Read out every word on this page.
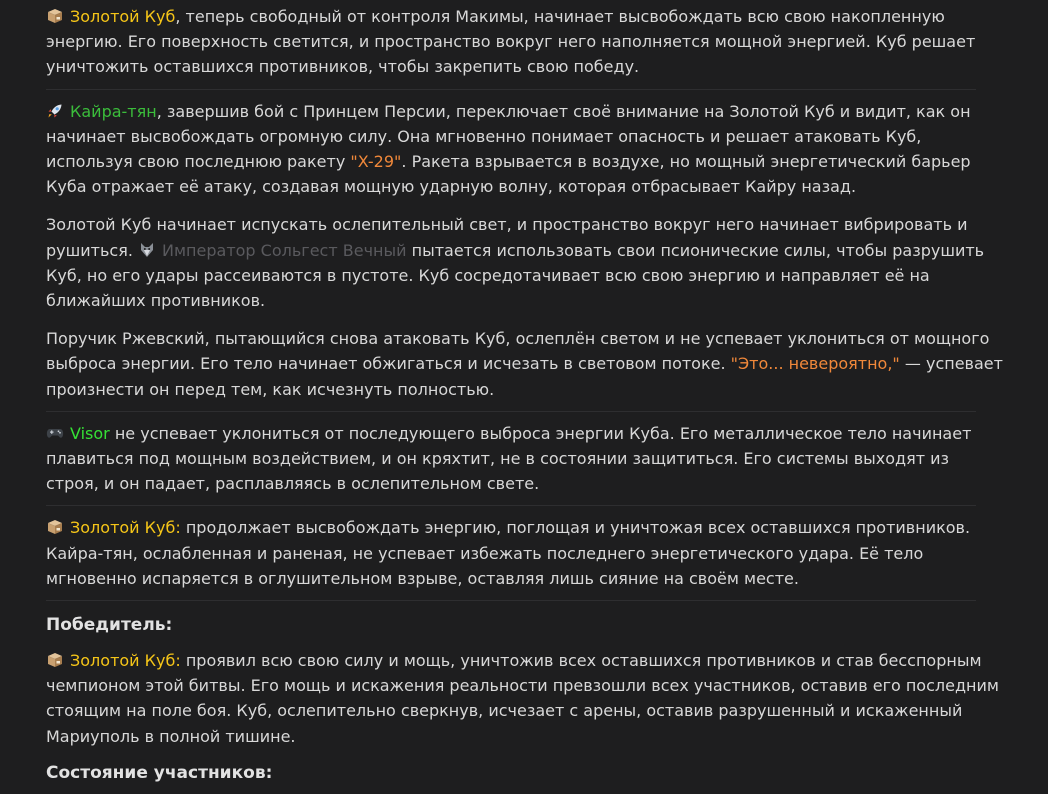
Золотой Куб, теперь свободный от контроля Макимы, начинает высвобождать всю свою накопленную энергию. Его поверхность светится, и пространство вокруг него наполняется мощной энергией. Куб решает уничтожить оставшихся противников, чтобы закрепить свою победу.

Кайра-тян, завершив бой с Принцем Персии, переключает своё внимание на Золотой Куб и видит, как он начинает высвобождать огромную силу. Она мгновенно понимает опасность и решает атаковать Куб, используя свою последнюю ракету "X-29". Ракета взрывается в воздухе, но мощный энергетический барьер Куба отражает её атаку, создавая мощную ударную волну, которая отбрасывает Кайру назад.

Золотой Куб начинает испускать ослепительный свет, и пространство вокруг него начинает вибрировать и рушиться. Император Сольгест Вечный пытается использовать свои псионические силы, чтобы разрушить Куб, но его удары рассеиваются в пустоте. Куб сосредотачивает всю свою энергию и направляет её на ближайших противников.

Поручик Ржевский, пытающийся снова атаковать Куб, ослеплён светом и не успевает уклониться от мощного выброса энергии. Его тело начинает обжигаться и исчезать в световом потоке. "Это... невероятно," — успевает произнести он перед тем, как исчезнуть полностью.

Visor не успевает уклониться от последующего выброса энергии Куба. Его металлическое тело начинает плавиться под мощным воздействием, и он кряхтит, не в состоянии защититься. Его системы выходят из строя, и он падает, расплавляясь в ослепительном свете.

Золотой Куб: продолжает высвобождать энергию, поглощая и уничтожая всех оставшихся противников. Кайра-тян, ослабленная и раненая, не успевает избежать последнего энергетического удара. Её тело мгновенно испаряется в оглушительном взрыве, оставляя лишь сияние на своём месте.

Победитель:

Золотой Куб: проявил всю свою силу и мощь, уничтожив всех оставшихся противников и став бесспорным чемпионом этой битвы. Его мощь и искажения реальности превзошли всех участников, оставив его последним стоящим на поле боя. Куб, ослепительно сверкнув, исчезает с арены, оставив разрушенный и искаженный Мариуполь в полной тишине.

Состояние участников:
